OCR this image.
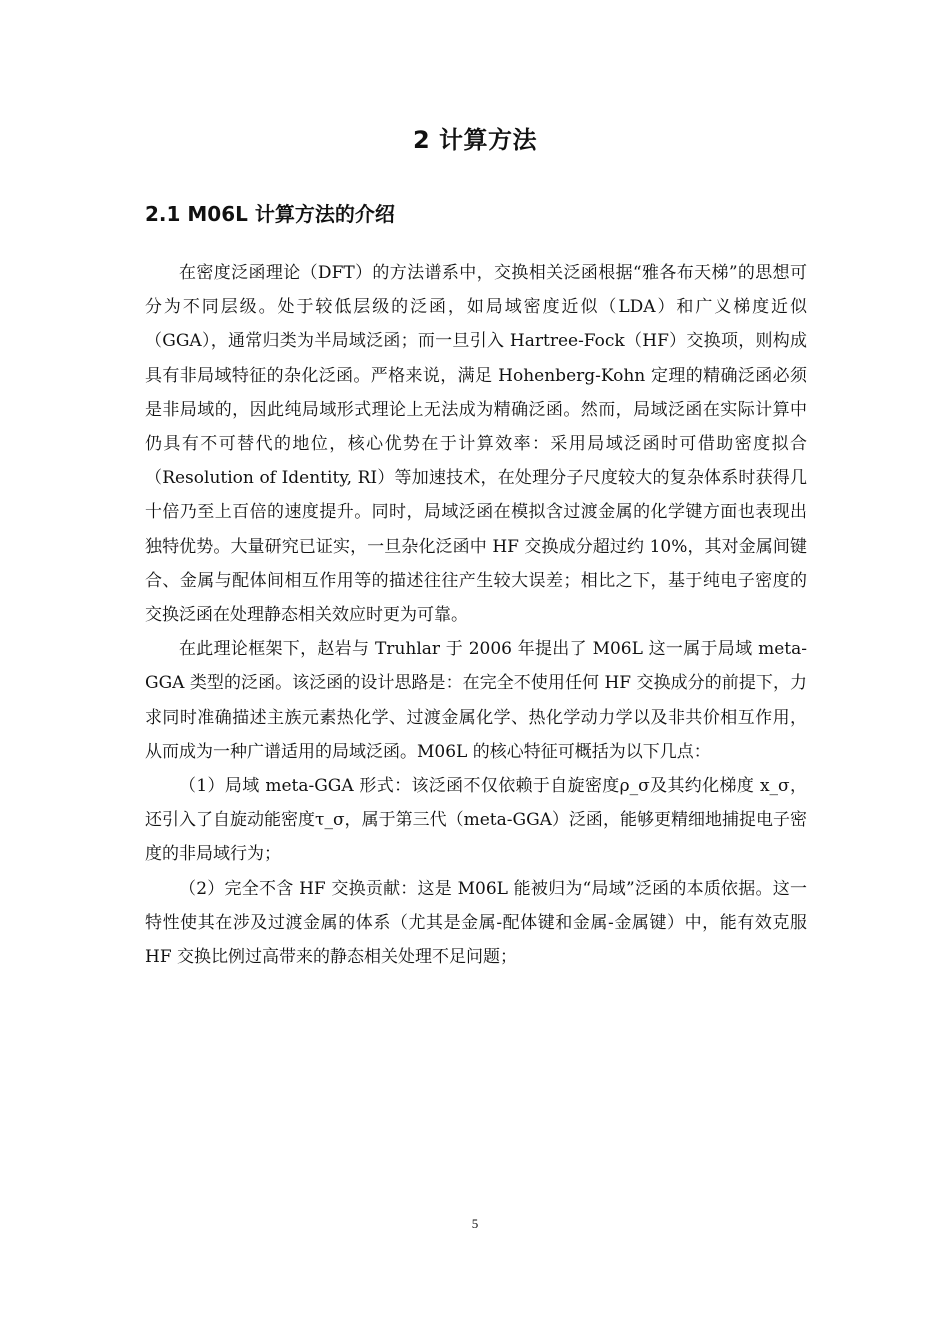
2 计算方法
2.1 M06L 计算方法的介绍

在密度泛函理论（DFT）的方法谱系中，交换相关泛函根据“雅各布天梯”的思想可分为不同层级。处于较低层级的泛函，如局域密度近似（LDA）和广义梯度近似（GGA），通常归类为半局域泛函；而一旦引入 Hartree-Fock（HF）交换项，则构成具有非局域特征的杂化泛函。严格来说，满足 Hohenberg-Kohn 定理的精确泛函必须是非局域的，因此纯局域形式理论上无法成为精确泛函。然而，局域泛函在实际计算中仍具有不可替代的地位，核心优势在于计算效率：采用局域泛函时可借助密度拟合（Resolution of Identity, RI）等加速技术，在处理分子尺度较大的复杂体系时获得几十倍乃至上百倍的速度提升。同时，局域泛函在模拟含过渡金属的化学键方面也表现出独特优势。大量研究已证实，一旦杂化泛函中 HF 交换成分超过约 10%，其对金属间键合、金属与配体间相互作用等的描述往往产生较大误差；相比之下，基于纯电子密度的交换泛函在处理静态相关效应时更为可靠。

在此理论框架下，赵岩与 Truhlar 于 2006 年提出了 M06L 这一属于局域 meta-GGA 类型的泛函。该泛函的设计思路是：在完全不使用任何 HF 交换成分的前提下，力求同时准确描述主族元素热化学、过渡金属化学、热化学动力学以及非共价相互作用，从而成为一种广谱适用的局域泛函。M06L 的核心特征可概括为以下几点：

（1）局域 meta-GGA 形式：该泛函不仅依赖于自旋密度ρ_σ及其约化梯度 x_σ，还引入了自旋动能密度τ_σ，属于第三代（meta-GGA）泛函，能够更精细地捕捉电子密度的非局域行为；

（2）完全不含 HF 交换贡献：这是 M06L 能被归为“局域”泛函的本质依据。这一特性使其在涉及过渡金属的体系（尤其是金属-配体键和金属-金属键）中，能有效克服 HF 交换比例过高带来的静态相关处理不足问题；

5
